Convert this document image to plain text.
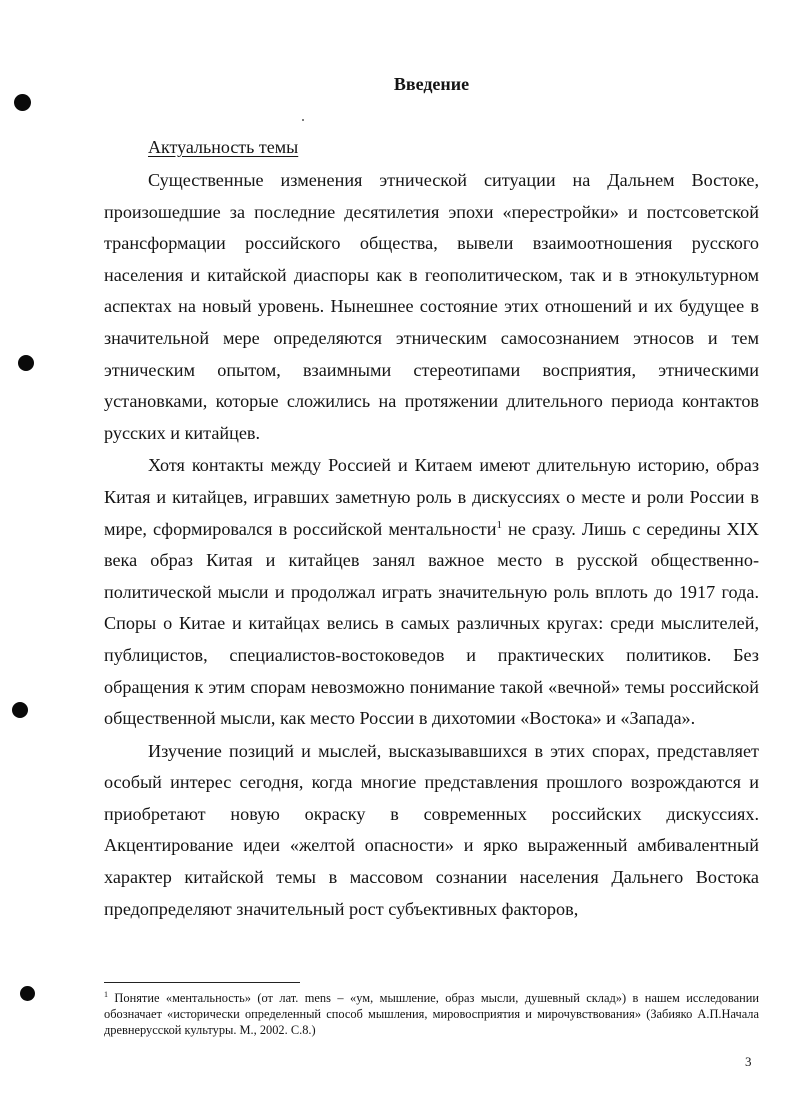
Введение
Актуальность темы

Существенные изменения этнической ситуации на Дальнем Востоке, произошедшие за последние десятилетия эпохи «перестройки» и постсоветской трансформации российского общества, вывели взаимоотношения русского населения и китайской диаспоры как в геополитическом, так и в этнокультурном аспектах на новый уровень. Нынешнее состояние этих отношений и их будущее в значительной мере определяются этническим самосознанием этносов и тем этническим опытом, взаимными стереотипами восприятия, этническими установками, которые сложились на протяжении длительного периода контактов русских и китайцев.

Хотя контакты между Россией и Китаем имеют длительную историю, образ Китая и китайцев, игравших заметную роль в дискуссиях о месте и роли России в мире, сформировался в российской ментальности$^1$ не сразу. Лишь с середины XIX века образ Китая и китайцев занял важное место в русской общественно-политической мысли и продолжал играть значительную роль вплоть до 1917 года. Споры о Китае и китайцах велись в самых различных кругах: среди мыслителей, публицистов, специалистов-востоковедов и практических политиков. Без обращения к этим спорам невозможно понимание такой «вечной» темы российской общественной мысли, как место России в дихотомии «Востока» и «Запада».

Изучение позиций и мыслей, высказывавшихся в этих спорах, представляет особый интерес сегодня, когда многие представления прошлого возрождаются и приобретают новую окраску в современных российских дискуссиях. Акцентирование идеи «желтой опасности» и ярко выраженный амбивалентный характер китайской темы в массовом сознании населения Дальнего Востока предопределяют значительный рост субъективных факторов,

$^1$ Понятие «ментальность» (от лат. mens – «ум, мышление, образ мысли, душевный склад») в нашем исследовании обозначает «исторически определенный способ мышления, мировосприятия и мирочувствования» (Забияко А.П.Начала древнерусской культуры. М., 2002. С.8.)

3
